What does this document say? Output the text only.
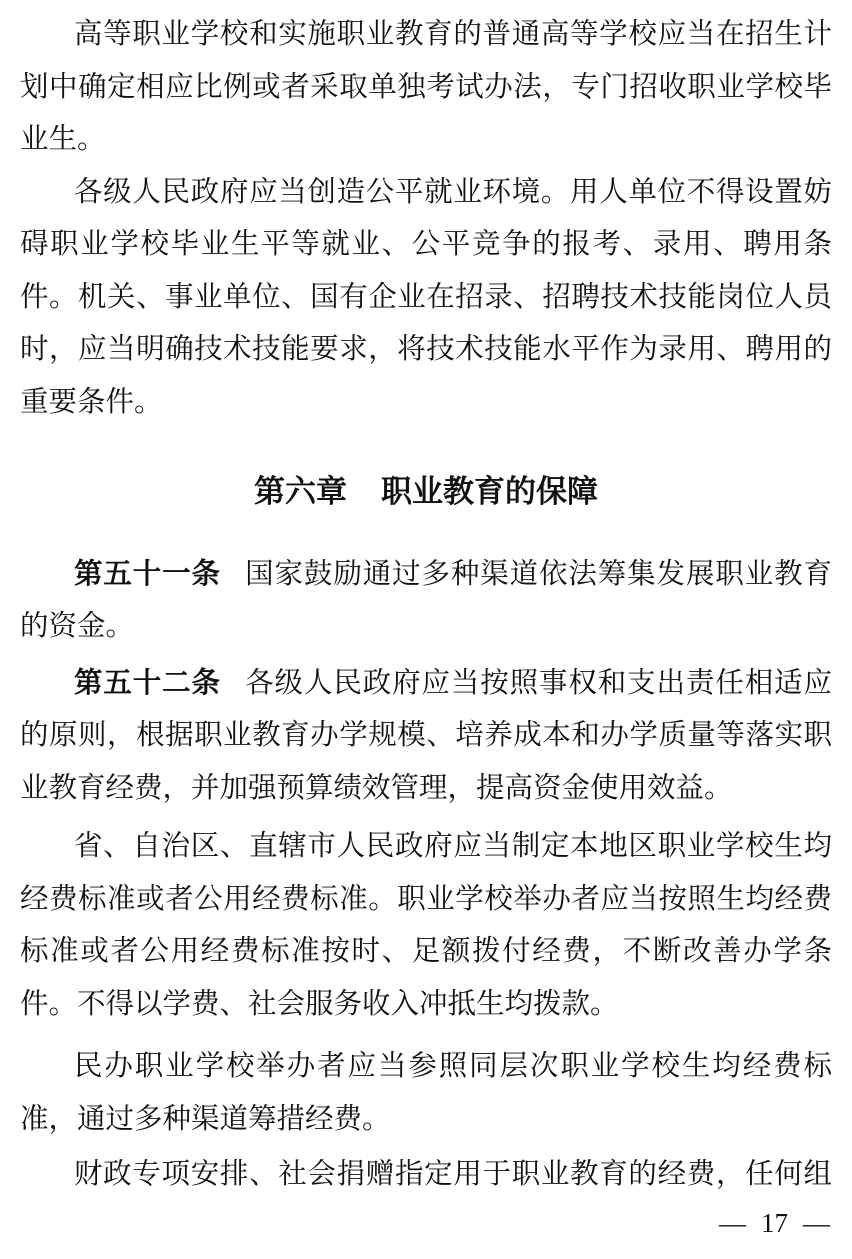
高等职业学校和实施职业教育的普通高等学校应当在招生计
划中确定相应比例或者采取单独考试办法，专门招收职业学校毕
业生。
各级人民政府应当创造公平就业环境。用人单位不得设置妨
碍职业学校毕业生平等就业、公平竞争的报考、录用、聘用条
件。机关、事业单位、国有企业在招录、招聘技术技能岗位人员
时，应当明确技术技能要求，将技术技能水平作为录用、聘用的
重要条件。
第六章 职业教育的保障
第五十一条 国家鼓励通过多种渠道依法筹集发展职业教育
的资金。
第五十二条 各级人民政府应当按照事权和支出责任相适应
的原则，根据职业教育办学规模、培养成本和办学质量等落实职
业教育经费，并加强预算绩效管理，提高资金使用效益。
省、自治区、直辖市人民政府应当制定本地区职业学校生均
经费标准或者公用经费标准。职业学校举办者应当按照生均经费
标准或者公用经费标准按时、足额拨付经费，不断改善办学条
件。不得以学费、社会服务收入冲抵生均拨款。
民办职业学校举办者应当参照同层次职业学校生均经费标
准，通过多种渠道筹措经费。
财政专项安排、社会捐赠指定用于职业教育的经费，任何组
— 17 —
